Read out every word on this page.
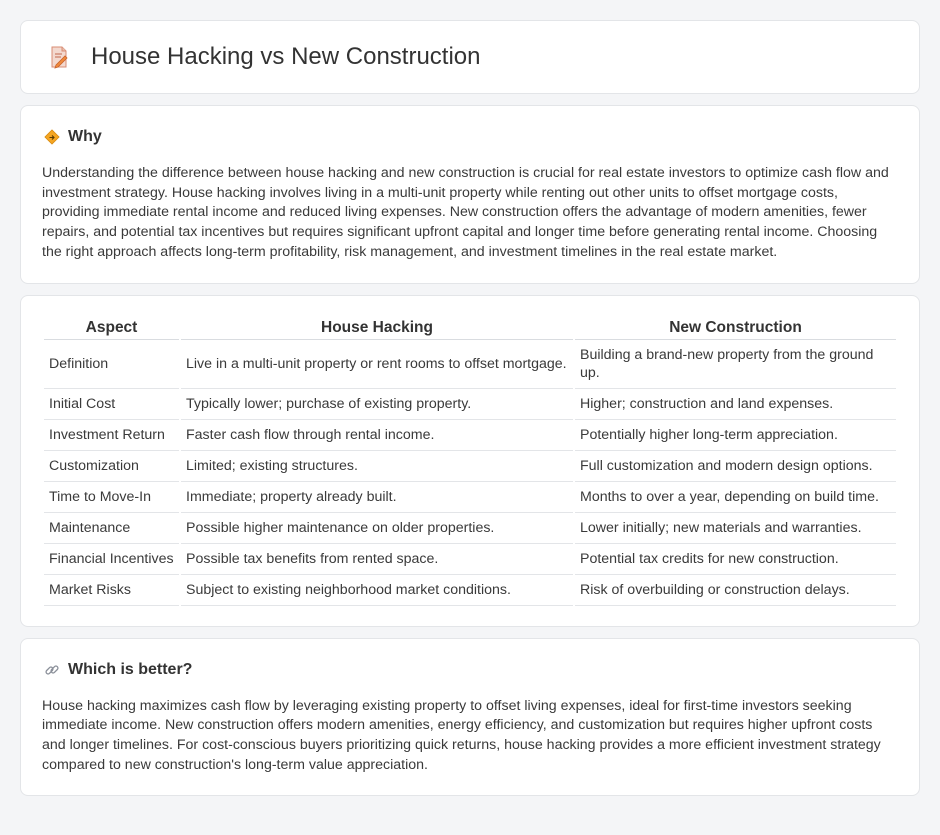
House Hacking vs New Construction
Why

Understanding the difference between house hacking and new construction is crucial for real estate investors to optimize cash flow and investment strategy. House hacking involves living in a multi-unit property while renting out other units to offset mortgage costs, providing immediate rental income and reduced living expenses. New construction offers the advantage of modern amenities, fewer repairs, and potential tax incentives but requires significant upfront capital and longer time before generating rental income. Choosing the right approach affects long-term profitability, risk management, and investment timelines in the real estate market.

Aspect	House Hacking	New Construction
Definition	Live in a multi-unit property or rent rooms to offset mortgage.	Building a brand-new property from the ground up.
Initial Cost	Typically lower; purchase of existing property.	Higher; construction and land expenses.
Investment Return	Faster cash flow through rental income.	Potentially higher long-term appreciation.
Customization	Limited; existing structures.	Full customization and modern design options.
Time to Move-In	Immediate; property already built.	Months to over a year, depending on build time.
Maintenance	Possible higher maintenance on older properties.	Lower initially; new materials and warranties.
Financial Incentives	Possible tax benefits from rented space.	Potential tax credits for new construction.
Market Risks	Subject to existing neighborhood market conditions.	Risk of overbuilding or construction delays.
Which is better?

House hacking maximizes cash flow by leveraging existing property to offset living expenses, ideal for first-time investors seeking immediate income. New construction offers modern amenities, energy efficiency, and customization but requires higher upfront costs and longer timelines. For cost-conscious buyers prioritizing quick returns, house hacking provides a more efficient investment strategy compared to new construction's long-term value appreciation.
